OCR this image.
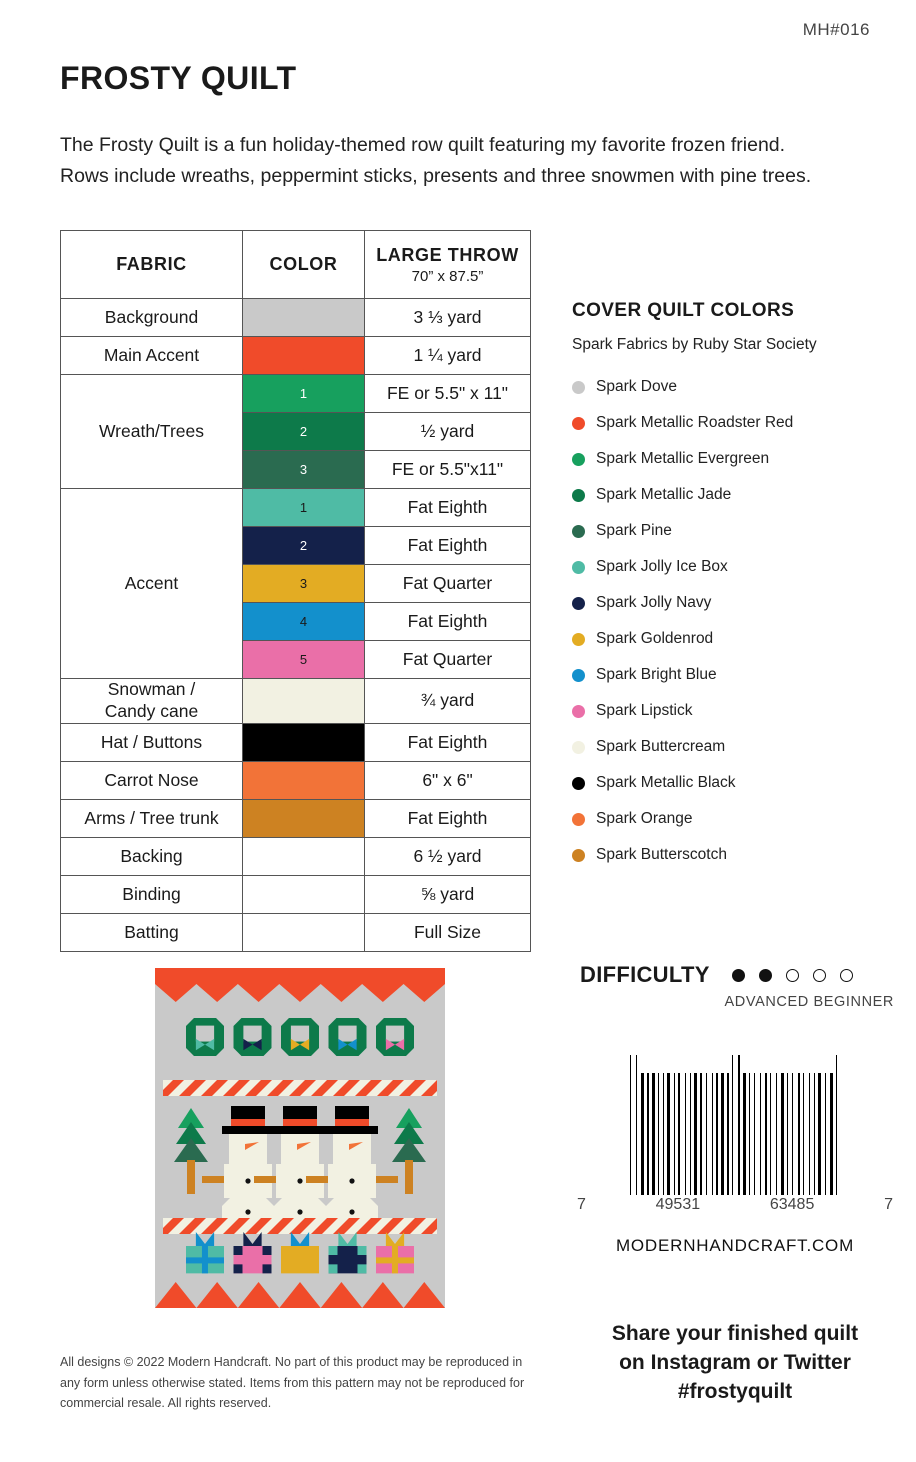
MH#016
FROSTY QUILT

The Frosty Quilt is a fun holiday-themed row quilt featuring my favorite frozen friend. Rows include wreaths, peppermint sticks, presents and three snowmen with pine trees.

FABRIC	COLOR	LARGE THROW
70” x 87.5”

Background		3 ⅓ yard
Main Accent		1 ¼ yard
Wreath/Trees	1	FE or 5.5" x 11"

2	½ yard

3	FE or 5.5"x11"
Accent	1	Fat Eighth

2	Fat Eighth

3	Fat Quarter

4	Fat Eighth

5	Fat Quarter

Snowman /
Candy cane		¾ yard
Hat / Buttons		Fat Eighth
Carrot Nose		6" x 6"
Arms / Tree trunk		Fat Eighth
Backing		6 ½ yard
Binding		⅝ yard
Batting		Full Size
COVER QUILT COLORS
Spark Fabrics by Ruby Star Society
Spark Dove
Spark Metallic Roadster Red
Spark Metallic Evergreen
Spark Metallic Jade
Spark Pine
Spark Jolly Ice Box
Spark Jolly Navy
Spark Goldenrod
Spark Bright Blue
Spark Lipstick
Spark Buttercream
Spark Metallic Black
Spark Orange
Spark Butterscotch
DIFFICULTY
ADVANCED BEGINNER
7	49531	63485	7
MODERNHANDCRAFT.COM
Share your finished quilt
on Instagram or Twitter
#frostyquilt
All designs © 2022 Modern Handcraft. No part of this product may be reproduced in any form unless otherwise stated. Items from this pattern may not be reproduced for commercial resale. All rights reserved.
